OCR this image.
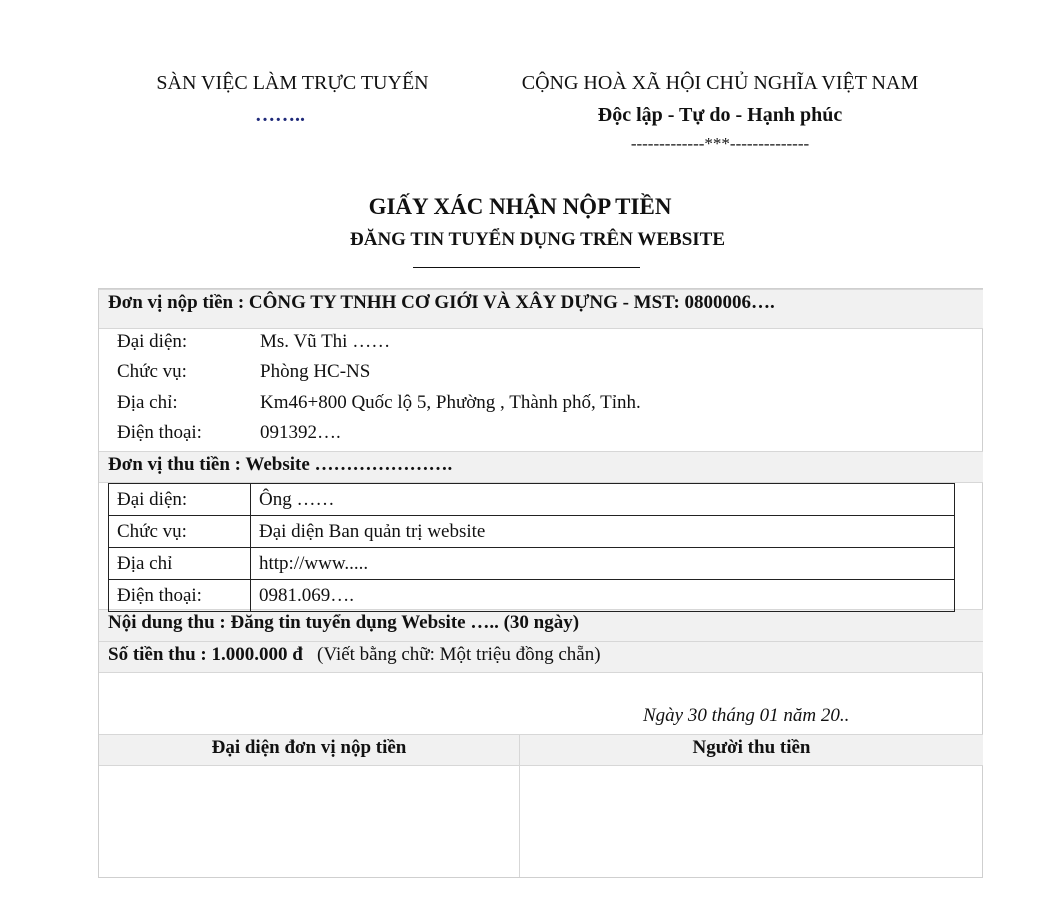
SÀN VIỆC LÀM TRỰC TUYẾN
……..
CỘNG HOÀ XÃ HỘI CHỦ NGHĨA VIỆT NAM
Độc lập - Tự do - Hạnh phúc
-------------***--------------
GIẤY XÁC NHẬN NỘP TIỀN
ĐĂNG TIN TUYỂN DỤNG TRÊN WEBSITE
Đơn vị nộp tiền : CÔNG TY TNHH CƠ GIỚI VÀ XÂY DỰNG - MST: 0800006….
Đại diện:	Ms. Vũ Thi ……
Chức vụ:	Phòng HC-NS
Địa chỉ:	Km46+800 Quốc lộ 5, Phường , Thành phố, Tỉnh.
Điện thoại:	091392….
Đơn vị thu tiền : Website ………………….
Đại diện:	Ông ……
Chức vụ:	Đại diện Ban quản trị website
Địa chỉ	http://www.....
Điện thoại:	0981.069….
Nội dung thu : Đăng tin tuyển dụng Website ….. (30 ngày)
Số tiền thu : 1.000.000 đ (Viết bằng chữ: Một triệu đồng chẵn)
Ngày 30 tháng 01 năm 20..
Đại diện đơn vị nộp tiền	Người thu tiền
